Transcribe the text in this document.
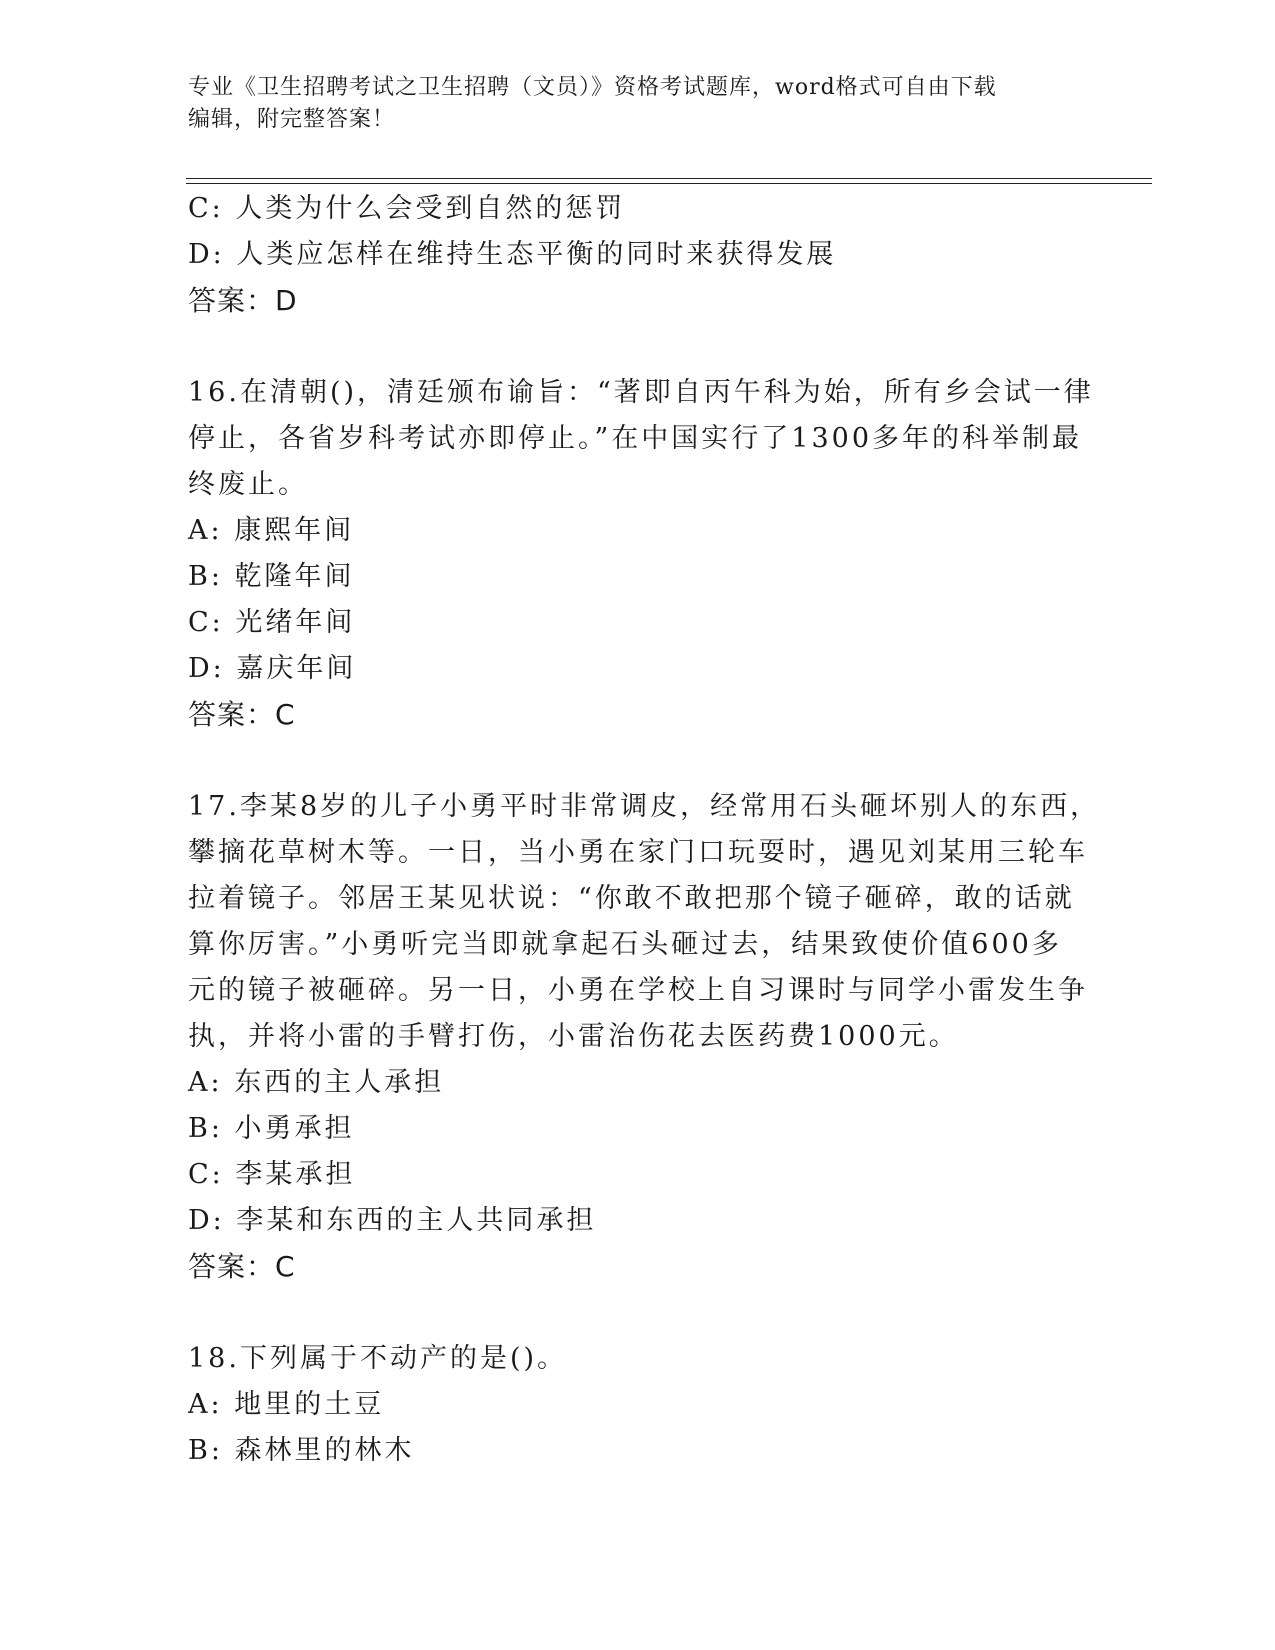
专业《卫生招聘考试之卫生招聘（文员）》资格考试题库，word格式可自由下载
编辑，附完整答案！
C: 人类为什么会受到自然的惩罚
D: 人类应怎样在维持生态平衡的同时来获得发展
答案：D
16.在清朝()，清廷颁布谕旨：“著即自丙午科为始，所有乡会试一律
停止，各省岁科考试亦即停止。”在中国实行了1300多年的科举制最
终废止。
A: 康熙年间
B: 乾隆年间
C: 光绪年间
D: 嘉庆年间
答案：C
17.李某8岁的儿子小勇平时非常调皮，经常用石头砸坏别人的东西，
攀摘花草树木等。一日，当小勇在家门口玩耍时，遇见刘某用三轮车
拉着镜子。邻居王某见状说：“你敢不敢把那个镜子砸碎，敢的话就
算你厉害。”小勇听完当即就拿起石头砸过去，结果致使价值600多
元的镜子被砸碎。另一日，小勇在学校上自习课时与同学小雷发生争
执，并将小雷的手臂打伤，小雷治伤花去医药费1000元。
A: 东西的主人承担
B: 小勇承担
C: 李某承担
D: 李某和东西的主人共同承担
答案：C
18.下列属于不动产的是()。
A: 地里的土豆
B: 森林里的林木
